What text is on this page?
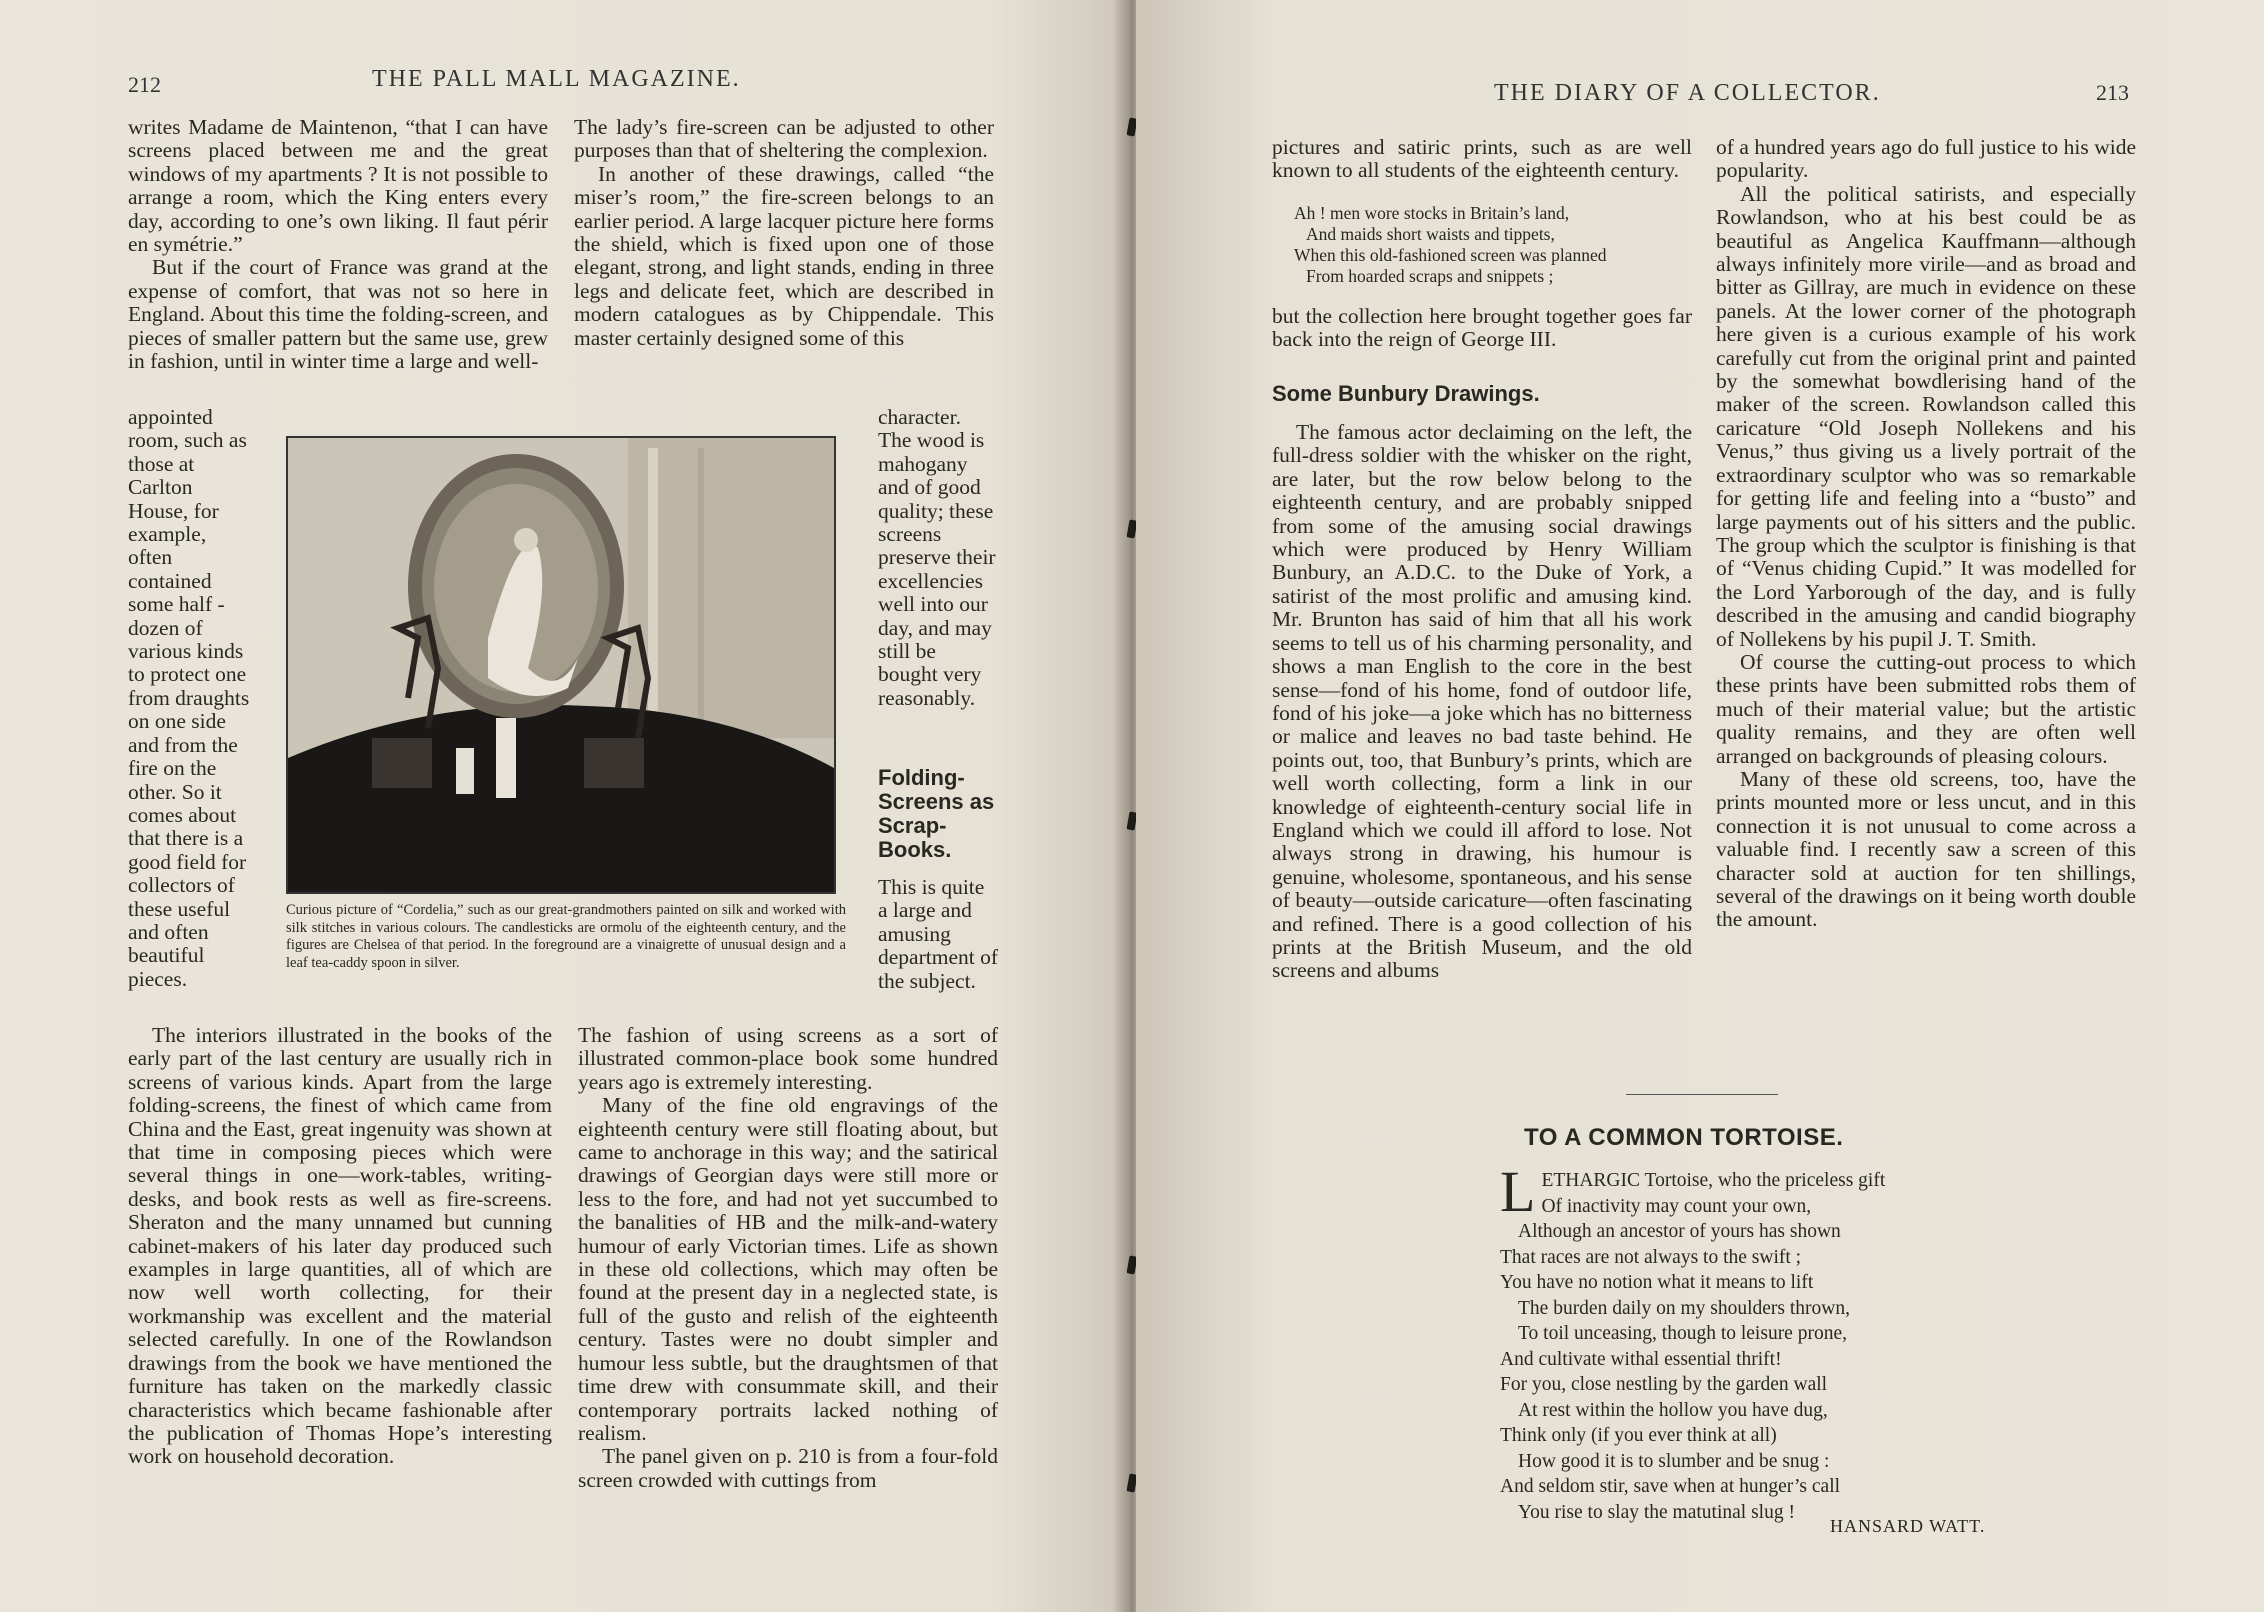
212	THE PALL MALL MAGAZINE.

writes Madame de Maintenon, “that I can have screens placed between me and the great windows of my apartments ? It is not possible to arrange a room, which the King enters every day, according to one’s own liking. Il faut périr en symétrie.”

But if the court of France was grand at the expense of comfort, that was not so here in England. About this time the folding-screen, and pieces of smaller pattern but the same use, grew in fashion, until in winter time a large and well-

appointed room, such as those at Carlton House, for example, often contained some half - dozen of various kinds to protect one from draughts on one side and from the fire on the other. So it comes about that there is a good field for collectors of these useful and often beautiful pieces.

The interiors illustrated in the books of the early part of the last century are usually rich in screens of various kinds. Apart from the large folding-screens, the finest of which came from China and the East, great ingenuity was shown at that time in composing pieces which were several things in one—work-tables, writing-desks, and book rests as well as fire-screens. Sheraton and the many unnamed but cunning cabinet-makers of his later day produced such examples in large quantities, all of which are now well worth collecting, for their workmanship was excellent and the material selected carefully. In one of the Rowlandson drawings from the book we have mentioned the furniture has taken on the markedly classic characteristics which became fashionable after the publication of Thomas Hope’s interesting work on household decoration.

The lady’s fire-screen can be adjusted to other purposes than that of sheltering the complexion.

In another of these drawings, called “the miser’s room,” the fire-screen belongs to an earlier period. A large lacquer picture here forms the shield, which is fixed upon one of those elegant, strong, and light stands, ending in three legs and delicate feet, which are described in modern catalogues as by Chippendale. This master certainly designed some of this

character. The wood is mahogany and of good quality; these screens preserve their excellencies well into our day, and may still be bought very reasonably.
Folding-Screens as Scrap-Books.
This is quite a large and amusing department of the subject.

The fashion of using screens as a sort of illustrated common-place book some hundred years ago is extremely interesting.

Many of the fine old engravings of the eighteenth century were still floating about, but came to anchorage in this way; and the satirical drawings of Georgian days were still more or less to the fore, and had not yet succumbed to the banalities of HB and the milk-and-watery humour of early Victorian times. Life as shown in these old collections, which may often be found at the present day in a neglected state, is full of the gusto and relish of the eighteenth century. Tastes were no doubt simpler and humour less subtle, but the draughtsmen of that time drew with consummate skill, and their contemporary portraits lacked nothing of realism.

The panel given on p. 210 is from a four-fold screen crowded with cuttings from

Curious picture of “Cordelia,” such as our great-grandmothers painted on silk and worked with silk stitches in various colours. The candlesticks are ormolu of the eighteenth century, and the figures are Chelsea of that period. In the foreground are a vinaigrette of unusual design and a leaf tea-caddy spoon in silver.
THE DIARY OF A COLLECTOR.	213

pictures and satiric prints, such as are well known to all students of the eighteenth century.

Ah ! men wore stocks in Britain’s land,
And maids short waists and tippets,
When this old-fashioned screen was planned
From hoarded scraps and snippets ;

but the collection here brought together goes far back into the reign of George III.

Some Bunbury Drawings.

The famous actor declaiming on the left, the full-dress soldier with the whisker on the right, are later, but the row below belong to the eighteenth century, and are probably snipped from some of the amusing social drawings which were produced by Henry William Bunbury, an A.D.C. to the Duke of York, a satirist of the most prolific and amusing kind. Mr. Brunton has said of him that all his work seems to tell us of his charming personality, and shows a man English to the core in the best sense—fond of his home, fond of outdoor life, fond of his joke—a joke which has no bitterness or malice and leaves no bad taste behind. He points out, too, that Bunbury’s prints, which are well worth collecting, form a link in our knowledge of eighteenth-century social life in England which we could ill afford to lose. Not always strong in drawing, his humour is genuine, wholesome, spontaneous, and his sense of beauty—outside caricature—often fascinating and refined. There is a good collection of his prints at the British Museum, and the old screens and albums

of a hundred years ago do full justice to his wide popularity.

All the political satirists, and especially Rowlandson, who at his best could be as beautiful as Angelica Kauffmann—although always infinitely more virile—and as broad and bitter as Gillray, are much in evidence on these panels. At the lower corner of the photograph here given is a curious example of his work carefully cut from the original print and painted by the somewhat bowdlerising hand of the maker of the screen. Rowlandson called this caricature “Old Joseph Nollekens and his Venus,” thus giving us a lively portrait of the extraordinary sculptor who was so remarkable for getting life and feeling into a “busto” and large payments out of his sitters and the public. The group which the sculptor is finishing is that of “Venus chiding Cupid.” It was modelled for the Lord Yarborough of the day, and is fully described in the amusing and candid biography of Nollekens by his pupil J. T. Smith.

Of course the cutting-out process to which these prints have been submitted robs them of much of their material value; but the artistic quality remains, and they are often well arranged on backgrounds of pleasing colours.

Many of these old screens, too, have the prints mounted more or less uncut, and in this connection it is not unusual to come across a valuable find. I recently saw a screen of this character sold at auction for ten shillings, several of the drawings on it being worth double the amount.

TO A COMMON TORTOISE.
L ETHARGIC Tortoise, who the priceless gift
Of inactivity may count your own,
Although an ancestor of yours has shown
That races are not always to the swift ;
You have no notion what it means to lift
The burden daily on my shoulders thrown,
To toil unceasing, though to leisure prone,
And cultivate withal essential thrift!
For you, close nestling by the garden wall
At rest within the hollow you have dug,
Think only (if you ever think at all)
How good it is to slumber and be snug :
And seldom stir, save when at hunger’s call
You rise to slay the matutinal slug !
HANSARD WATT.
